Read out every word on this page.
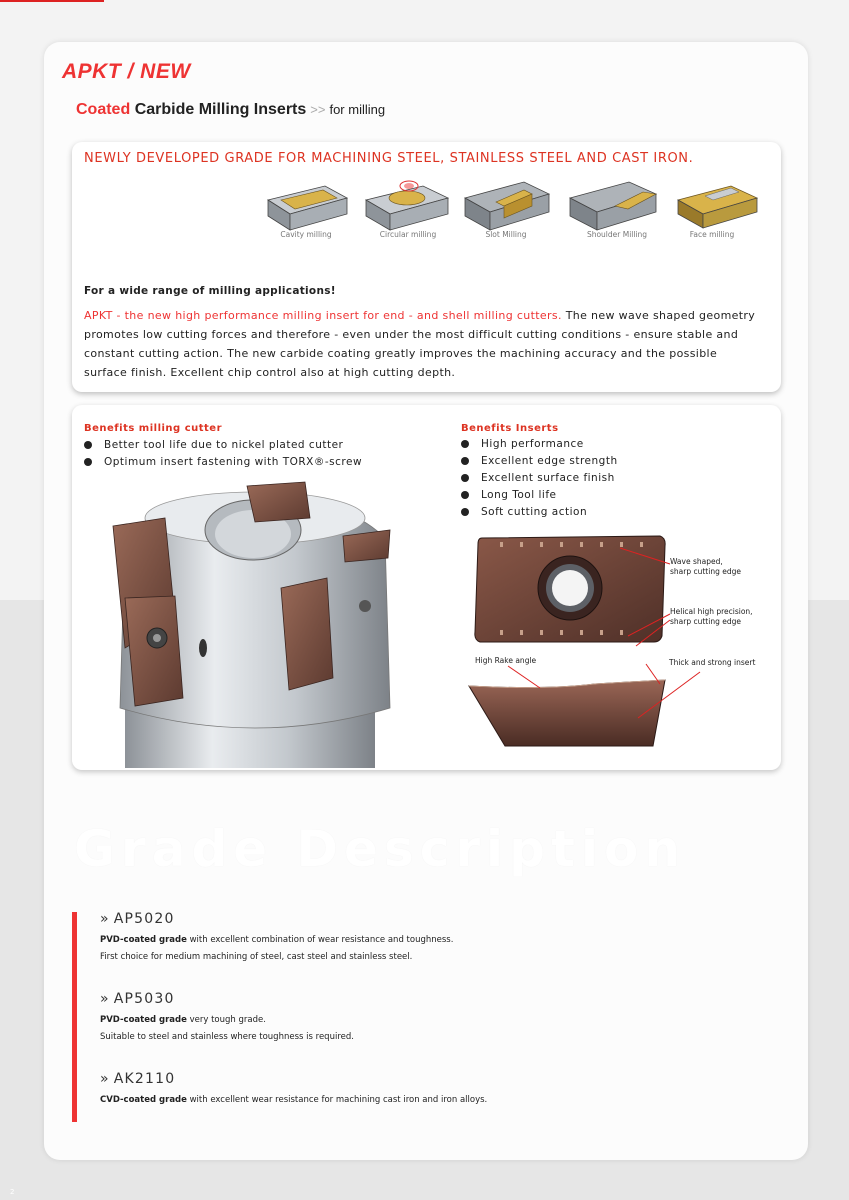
APKT / NEW
Coated Carbide Milling Inserts >> for milling
NEWLY DEVELOPED GRADE FOR MACHINING STEEL, STAINLESS STEEL AND CAST IRON.
Cavity milling	Circular milling	Slot Milling	Shoulder Milling	Face milling
For a wide range of milling applications!
APKT - the new high performance milling insert for end - and shell milling cutters. The new wave shaped geometry promotes low cutting forces and therefore - even under the most difficult cutting conditions - ensure stable and constant cutting action. The new carbide coating greatly improves the machining accuracy and the possible surface finish. Excellent chip control also at high cutting depth.
Benefits milling cutter
Better tool life due to nickel plated cutter
Optimum insert fastening with TORX®-screw
Benefits Inserts
High performance
Excellent edge strength
Excellent surface finish
Long Tool life
Soft cutting action
Wave shaped,
sharp cutting edge
Helical high precision,
sharp cutting edge
High Rake angle	Thick and strong insert
Grade Description
» AP5020
PVD-coated grade with excellent combination of wear resistance and toughness.
First choice for medium machining of steel, cast steel and stainless steel.
» AP5030
PVD-coated grade very tough grade.
Suitable to steel and stainless where toughness is required.
» AK2110
CVD-coated grade with excellent wear resistance for machining cast iron and iron alloys.
2
